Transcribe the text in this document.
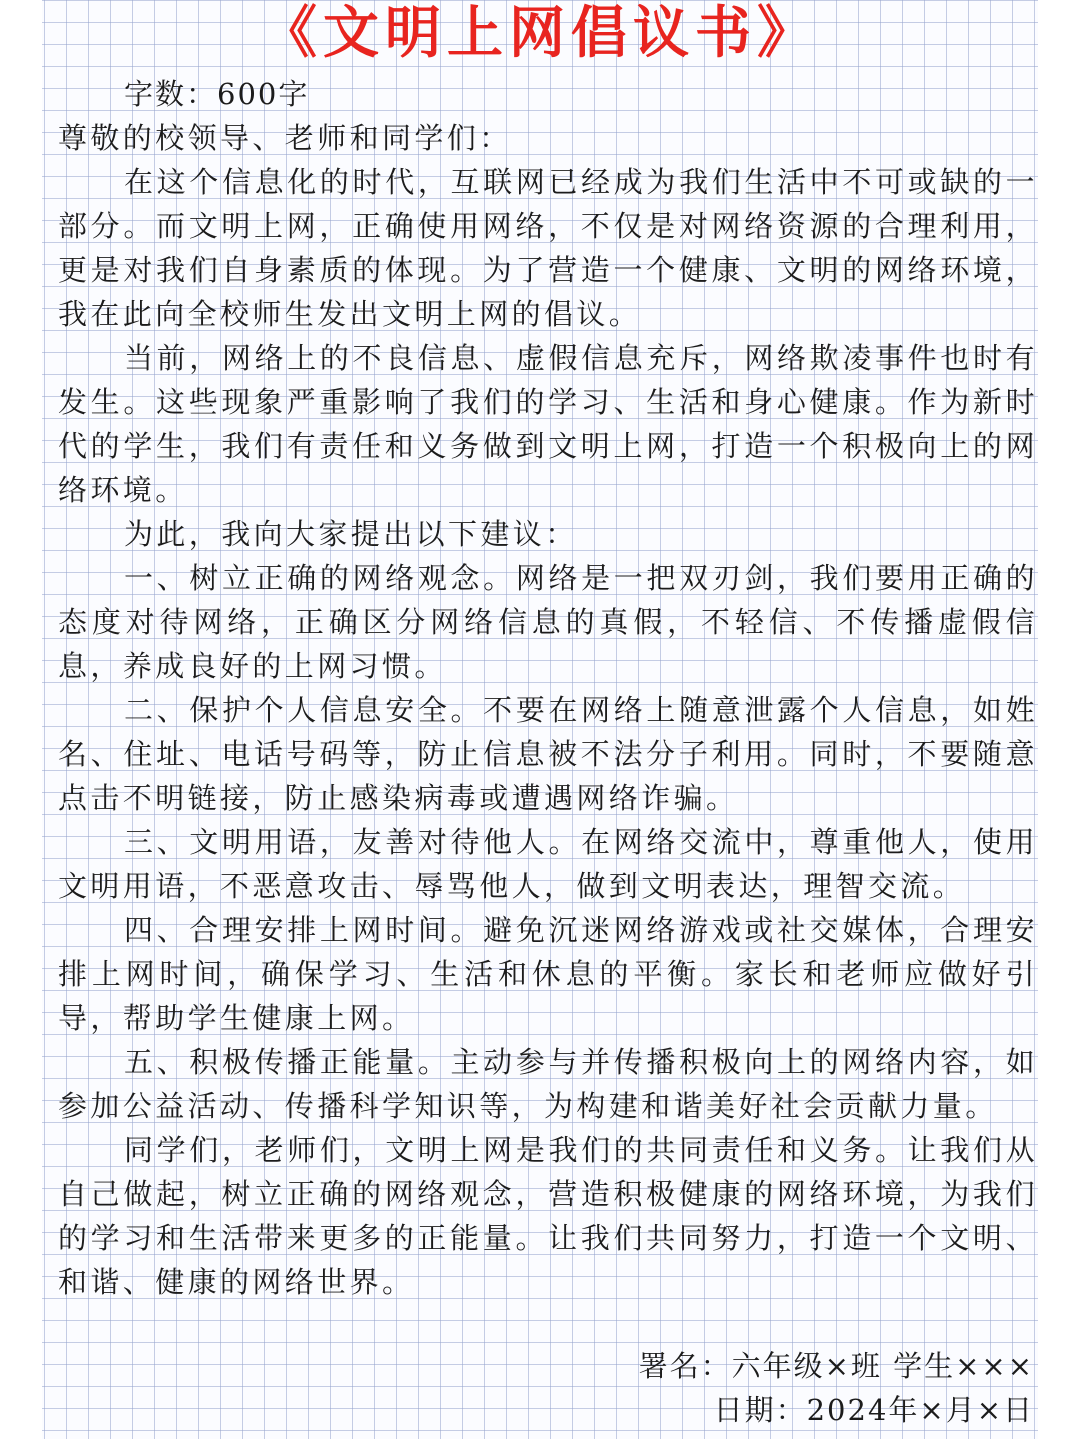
《文明上网倡议书》

字数：600字

尊敬的校领导、老师和同学们：

在这个信息化的时代，互联网已经成为我们生活中不可或缺的一部分。而文明上网，正确使用网络，不仅是对网络资源的合理利用，更是对我们自身素质的体现。为了营造一个健康、文明的网络环境，我在此向全校师生发出文明上网的倡议。

当前，网络上的不良信息、虚假信息充斥，网络欺凌事件也时有发生。这些现象严重影响了我们的学习、生活和身心健康。作为新时代的学生，我们有责任和义务做到文明上网，打造一个积极向上的网络环境。

为此，我向大家提出以下建议：

一、树立正确的网络观念。网络是一把双刃剑，我们要用正确的态度对待网络，正确区分网络信息的真假，不轻信、不传播虚假信息，养成良好的上网习惯。

二、保护个人信息安全。不要在网络上随意泄露个人信息，如姓名、住址、电话号码等，防止信息被不法分子利用。同时，不要随意点击不明链接，防止感染病毒或遭遇网络诈骗。

三、文明用语，友善对待他人。在网络交流中，尊重他人，使用文明用语，不恶意攻击、辱骂他人，做到文明表达，理智交流。

四、合理安排上网时间。避免沉迷网络游戏或社交媒体，合理安排上网时间，确保学习、生活和休息的平衡。家长和老师应做好引导，帮助学生健康上网。

五、积极传播正能量。主动参与并传播积极向上的网络内容，如参加公益活动、传播科学知识等，为构建和谐美好社会贡献力量。

同学们，老师们，文明上网是我们的共同责任和义务。让我们从自己做起，树立正确的网络观念，营造积极健康的网络环境，为我们的学习和生活带来更多的正能量。让我们共同努力，打造一个文明、和谐、健康的网络世界。

署名：六年级×班 学生×××
日期：2024年×月×日
